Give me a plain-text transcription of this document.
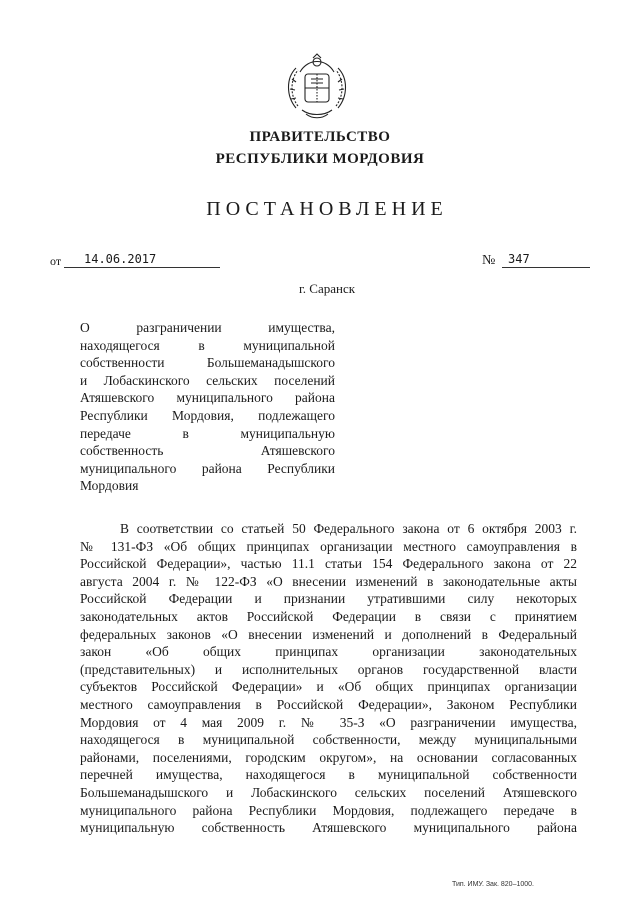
ПРАВИТЕЛЬСТВО
РЕСПУБЛИКИ МОРДОВИЯ
ПОСТАНОВЛЕНИЕ
от	14.06.2017	№	347
г. Саранск
О разграничении имущества,
находящегося в муниципальной
собственности Большеманадышского
и Лобаскинского сельских поселений
Атяшевского муниципального района
Республики Мордовия, подлежащего
передаче в муниципальную
собственность Атяшевского
муниципального района Республики
Мордовия
В соответствии со статьей 50 Федерального закона от 6 октября 2003 г.
№ 131-ФЗ «Об общих принципах организации местного самоуправления в
Российской Федерации», частью 11.1 статьи 154 Федерального закона от 22
августа 2004 г. № 122-ФЗ «О внесении изменений в законодательные акты
Российской Федерации и признании утратившими силу некоторых
законодательных актов Российской Федерации в связи с принятием
федеральных законов «О внесении изменений и дополнений в Федеральный
закон «Об общих принципах организации законодательных
(представительных) и исполнительных органов государственной власти
субъектов Российской Федерации» и «Об общих принципах организации
местного самоуправления в Российской Федерации», Законом Республики
Мордовия от 4 мая 2009 г. № 35-З «О разграничении имущества,
находящегося в муниципальной собственности, между муниципальными
районами, поселениями, городским округом», на основании согласованных
перечней имущества, находящегося в муниципальной собственности
Большеманадышского и Лобаскинского сельских поселений Атяшевского
муниципального района Республики Мордовия, подлежащего передаче в
муниципальную собственность Атяшевского муниципального района
Тип. ИМУ. Зак. 820–1000.
